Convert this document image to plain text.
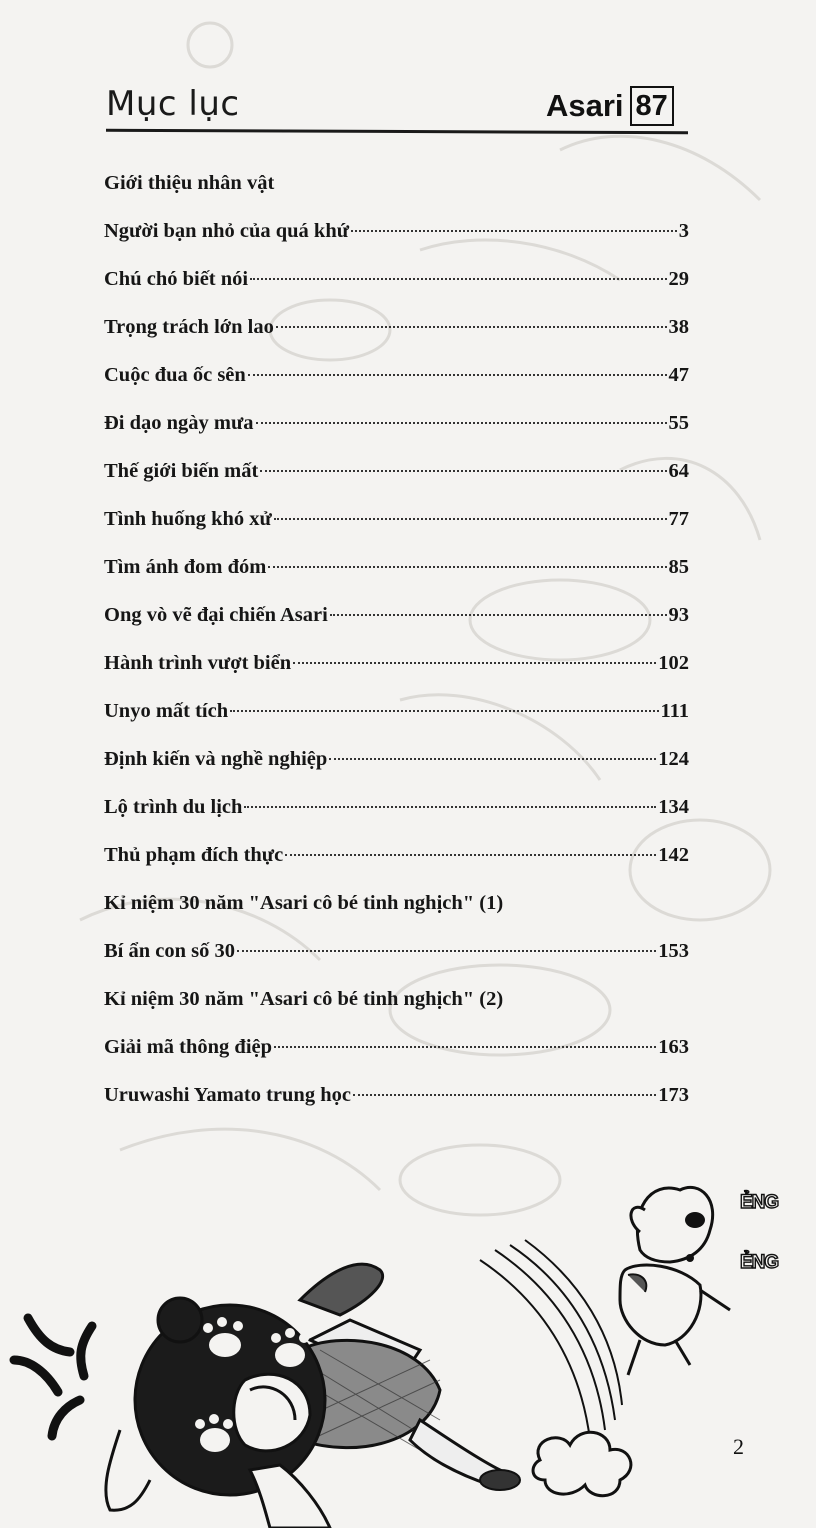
Mục lục	Asari 87
Giới thiệu nhân vật
Người bạn nhỏ của quá khứ	3
Chú chó biết nói	29
Trọng trách lớn lao	38
Cuộc đua ốc sên	47
Đi dạo ngày mưa	55
Thế giới biến mất	64
Tình huống khó xử	77
Tìm ánh đom đóm	85
Ong vò vẽ đại chiến Asari	93
Hành trình vượt biển	102
Unyo mất tích	111
Định kiến và nghề nghiệp	124
Lộ trình du lịch	134
Thủ phạm đích thực	142
Kỉ niệm 30 năm "Asari cô bé tinh nghịch" (1)
Bí ẩn con số 30	153
Kỉ niệm 30 năm "Asari cô bé tinh nghịch" (2)
Giải mã thông điệp	163
Uruwashi Yamato trung học	173
ẺNG
ẺNG
2
